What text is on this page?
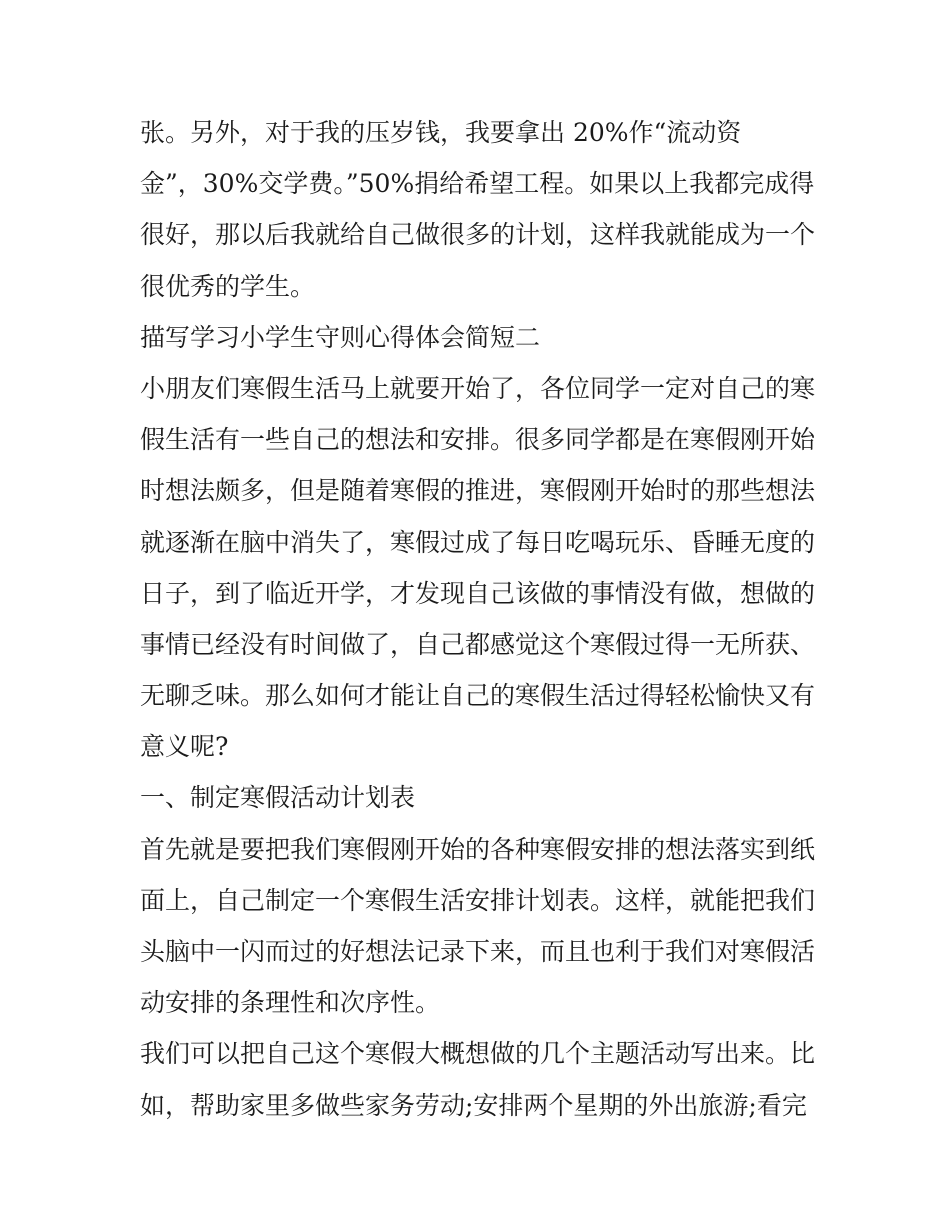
张。另外，对于我的压岁钱，我要拿出 20%作“流动资
金”，30%交学费。”50%捐给希望工程。如果以上我都完成得
很好，那以后我就给自己做很多的计划，这样我就能成为一个
很优秀的学生。
描写学习小学生守则心得体会简短二
小朋友们寒假生活马上就要开始了，各位同学一定对自己的寒
假生活有一些自己的想法和安排。很多同学都是在寒假刚开始
时想法颇多，但是随着寒假的推进，寒假刚开始时的那些想法
就逐渐在脑中消失了，寒假过成了每日吃喝玩乐、昏睡无度的
日子，到了临近开学，才发现自己该做的事情没有做，想做的
事情已经没有时间做了，自己都感觉这个寒假过得一无所获、
无聊乏味。那么如何才能让自己的寒假生活过得轻松愉快又有
意义呢?
一、制定寒假活动计划表
首先就是要把我们寒假刚开始的各种寒假安排的想法落实到纸
面上，自己制定一个寒假生活安排计划表。这样，就能把我们
头脑中一闪而过的好想法记录下来，而且也利于我们对寒假活
动安排的条理性和次序性。
我们可以把自己这个寒假大概想做的几个主题活动写出来。比
如，帮助家里多做些家务劳动;安排两个星期的外出旅游;看完
